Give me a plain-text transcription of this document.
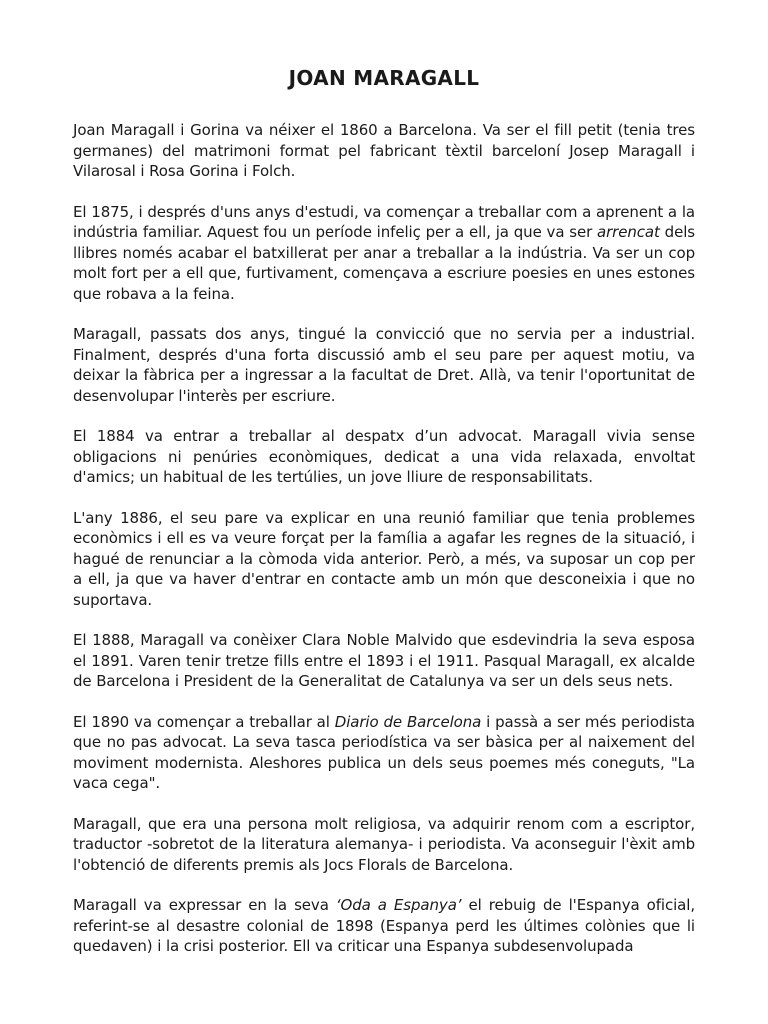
JOAN MARAGALL

Joan Maragall i Gorina va néixer el 1860 a Barcelona. Va ser el fill petit (tenia tres germanes) del matrimoni format pel fabricant tèxtil barceloní Josep Maragall i Vilarosal i Rosa Gorina i Folch.

El 1875, i després d'uns anys d'estudi, va començar a treballar com a aprenent a la indústria familiar. Aquest fou un període infeliç per a ell, ja que va ser arrencat dels llibres només acabar el batxillerat per anar a treballar a la indústria. Va ser un cop molt fort per a ell que, furtivament, començava a escriure poesies en unes estones que robava a la feina.

Maragall, passats dos anys, tingué la convicció que no servia per a industrial. Finalment, després d'una forta discussió amb el seu pare per aquest motiu, va deixar la fàbrica per a ingressar a la facultat de Dret. Allà, va tenir l'oportunitat de desenvolupar l'interès per escriure.

El 1884 va entrar a treballar al despatx d’un advocat. Maragall vivia sense obligacions ni penúries econòmiques, dedicat a una vida relaxada, envoltat d'amics; un habitual de les tertúlies, un jove lliure de responsabilitats.

L'any 1886, el seu pare va explicar en una reunió familiar que tenia problemes econòmics i ell es va veure forçat per la família a agafar les regnes de la situació, i hagué de renunciar a la còmoda vida anterior. Però, a més, va suposar un cop per a ell, ja que va haver d'entrar en contacte amb un món que desconeixia i que no suportava.

El 1888, Maragall va conèixer Clara Noble Malvido que esdevindria la seva esposa el 1891. Varen tenir tretze fills entre el 1893 i el 1911. Pasqual Maragall, ex alcalde de Barcelona i President de la Generalitat de Catalunya va ser un dels seus nets.

El 1890 va començar a treballar al Diario de Barcelona i passà a ser més periodista que no pas advocat. La seva tasca periodística va ser bàsica per al naixement del moviment modernista. Aleshores publica un dels seus poemes més coneguts, "La vaca cega".

Maragall, que era una persona molt religiosa, va adquirir renom com a escriptor, traductor -sobretot de la literatura alemanya- i periodista. Va aconseguir l'èxit amb l'obtenció de diferents premis als Jocs Florals de Barcelona.

Maragall va expressar en la seva ‘Oda a Espanya’ el rebuig de l'Espanya oficial, referint-se al desastre colonial de 1898 (Espanya perd les últimes colònies que li quedaven) i la crisi posterior. Ell va criticar una Espanya subdesenvolupada
